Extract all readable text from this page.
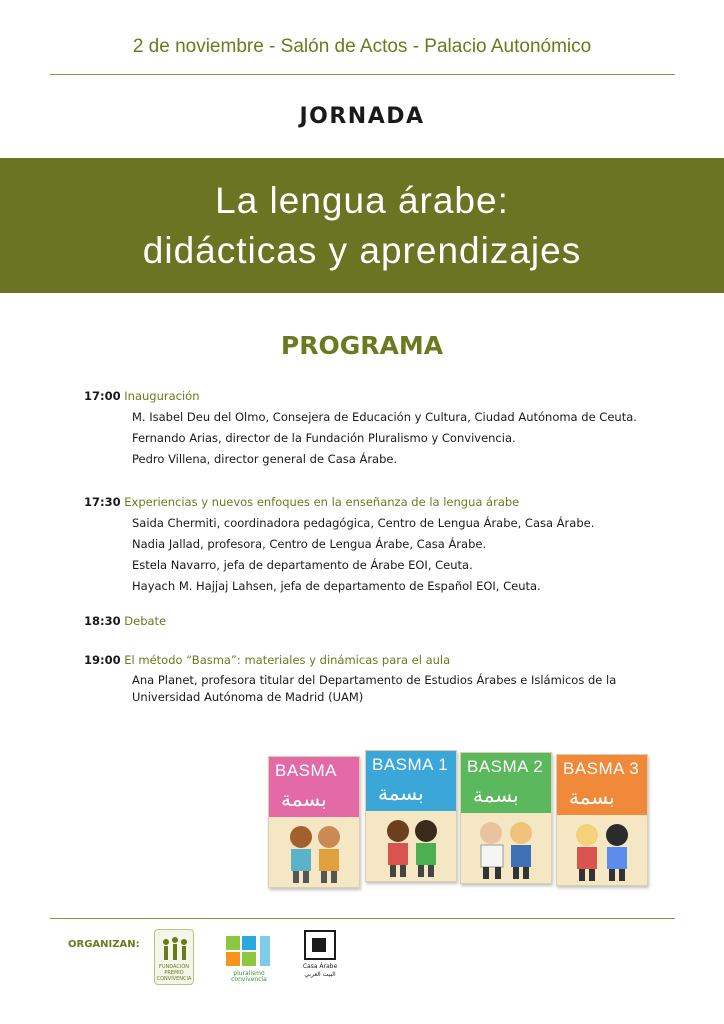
2 de noviembre - Salón de Actos - Palacio Autonómico
JORNADA
La lengua árabe:
didácticas y aprendizajes
PROGRAMA
17:00 Inauguración
M. Isabel Deu del Olmo, Consejera de Educación y Cultura, Ciudad Autónoma de Ceuta.
Fernando Arias, director de la Fundación Pluralismo y Convivencia.
Pedro Villena, director general de Casa Árabe.
17:30 Experiencias y nuevos enfoques en la enseñanza de la lengua árabe
Saida Chermiti, coordinadora pedagógica, Centro de Lengua Árabe, Casa Árabe.
Nadia Jallad, profesora, Centro de Lengua Árabe, Casa Árabe.
Estela Navarro, jefa de departamento de Árabe EOI, Ceuta.
Hayach M. Hajjaj Lahsen, jefa de departamento de Español EOI, Ceuta.
18:30 Debate
19:00 El método “Basma”: materiales y dinámicas para el aula
Ana Planet, profesora titular del Departamento de Estudios Árabes e Islámicos de la Universidad Autónoma de Madrid (UAM)
BASMA
بسمة
BASMA 1
بسمة
BASMA 2
بسمة
BASMA 3
بسمة
ORGANIZAN:
FUNDACIÓN PREMIO CONVIVENCIA
pluralismo convivencia
Casa Árabe
البيت العربي
